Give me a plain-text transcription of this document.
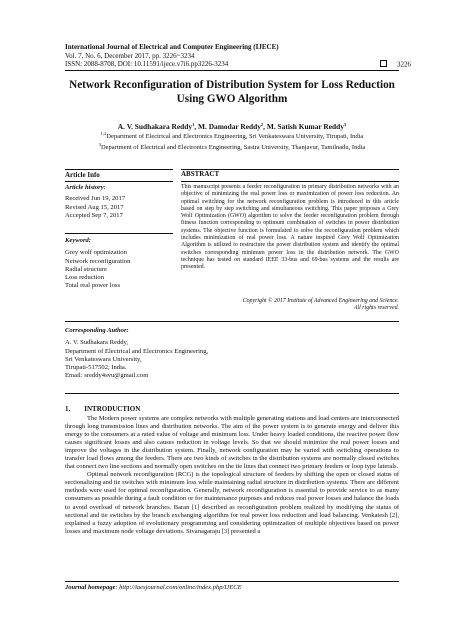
International Journal of Electrical and Computer Engineering (IJECE)
Vol. 7, No. 6, December 2017, pp. 3226~3234
ISSN: 2088-8708, DOI: 10.11591/ijece.v7i6.pp3226-3234	3226
Network Reconfiguration of Distribution System for Loss Reduction Using GWO Algorithm
A. V. Sudhakara Reddy$^1$, M. Damodar Reddy$^2$, M. Satish Kumar Reddy$^3$
$^{1,2}$Department of Electrical and Electronics Engineering, Sri Venkateswara University, Tirupati, India
$^3$Department of Electrical and Electronics Engineering, Sastra University, Thanjavur, Tamilnadu, India
Article Info	ABSTRACT
Article history:
Received Jun 19, 2017
Revised Aug 15, 2017
Accepted Sep 7, 2017
Keyword:
Grey wolf optimization
Network reconfiguration
Radial structure
Loss reduction
Total real power loss
This manuscript presents a feeder reconfiguration in primary distribution networks with an objective of minimizing the real power loss or maximization of power loss reduction. An optimal switching for the network reconfiguration problem is introduced in this article based on step by step switching and simultaneous switching. This paper proposes a Grey Wolf Optimization (GWO) algorithm to solve the feeder reconfiguration problem through fitness function corresponding to optimum combination of switches in power distribution systems. The objective function is formulated to solve the reconfiguration problem which includes minimization of real power loss. A nature inspired Grey Wolf Optimization Algorithm is utilized to restructure the power distribution system and identify the optimal switches corresponding minimum power loss in the distribution network. The GWO technique has tested on standard IEEE 33-bus and 69-bus systems and the results are presented.
Copyright © 2017 Institute of Advanced Engineering and Science.
All rights reserved.
Corresponding Author:
A. V. Sudhakara Reddy,
Department of Electrical and Electronics Engineering,
Sri Venkateswara University,
Tirupati-517502, India.
Email: sreddy4svu@gmail.com
1. INTRODUCTION

The Modern power systems are complex networks with multiple generating stations and load centers are interconnected through long transmission lines and distribution networks. The aim of the power system is to generate energy and deliver this energy to the consumers at a rated value of voltage and minimum loss. Under heavy loaded conditions, the reactive power flow causes significant losses and also causes reduction in voltage levels. So that we should minimize the real power losses and improve the voltages in the distribution system. Finally, network configuration may be varied with switching operations to transfer load flows among the feeders. There are two kinds of switches in the distribution systems are normally closed switches that connect two line sections and normally open switches on the tie lines that connect two primary feeders or loop type laterals.

Optimal network reconfiguration (RCG) is the topological structure of feeders by shifting the open or closed status of sectionalizing and tie switches with minimum loss while maintaining radial structure in distribution systems. There are different methods were used for optimal reconfiguration. Generally, network reconfiguration is essential to provide service to as many consumers as possible during a fault condition or for maintenance purposes and reduces real power losses and balance the loads to avoid overload of network branches. Baran [1] described as reconfiguration problem realized by modifying the status of sectional and tie switches by the branch exchanging algorithm for real power loss reduction and load balancing. Venkatesh [2], explained a fuzzy adoption of evolutionary programming and considering optimization of multiple objectives based on power losses and maximum node voltage deviations. Sivanagaraju [3] presented a

Journal homepage: http://iaesjournal.com/online/index.php/IJECE
